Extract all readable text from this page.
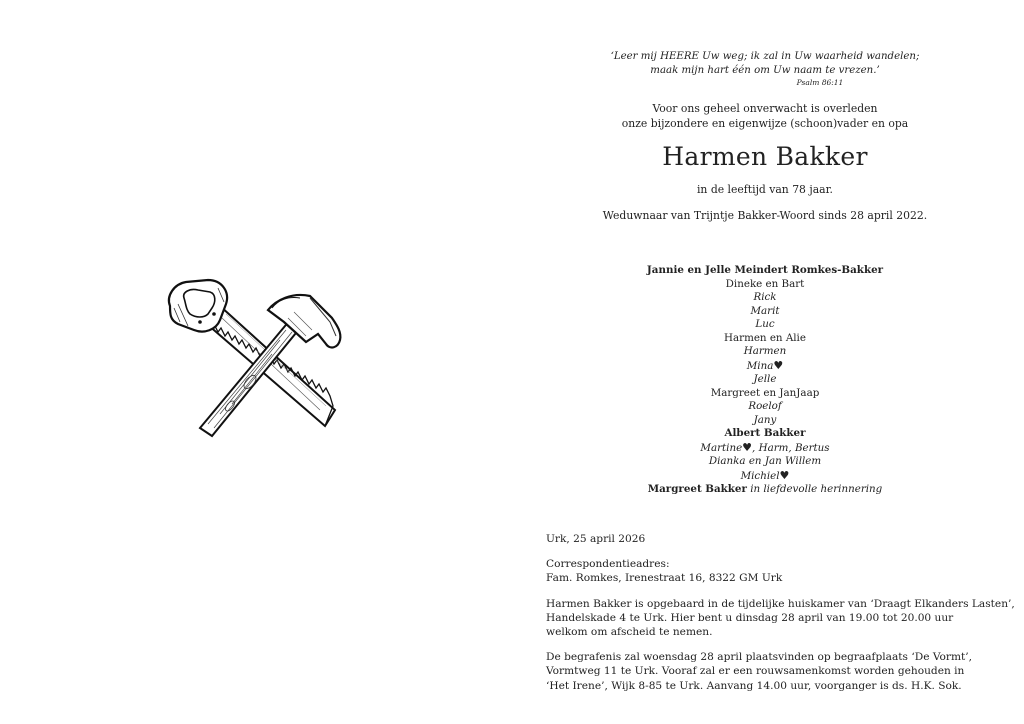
‘Leer mij HEERE Uw weg; ik zal in Uw waarheid wandelen;
maak mijn hart één om Uw naam te vrezen.’
Psalm 86:11
Voor ons geheel onverwacht is overleden
onze bijzondere en eigenwijze (schoon)vader en opa
Harmen Bakker
in de leeftijd van 78 jaar.
Weduwnaar van Trijntje Bakker-Woord sinds 28 april 2022.
Jannie en Jelle Meindert Romkes-Bakker
Dineke en Bart
Rick
Marit
Luc
Harmen en Alie
Harmen
Mina♥
Jelle
Margreet en JanJaap
Roelof
Jany
Albert Bakker
Martine♥, Harm, Bertus
Dianka en Jan Willem
Michiel♥
Margreet Bakker in liefdevolle herinnering

Urk, 25 april 2026

Correspondentieadres:
Fam. Romkes, Irenestraat 16, 8322 GM Urk

Harmen Bakker is opgebaard in de tijdelijke huiskamer van ‘Draagt Elkanders Lasten’,
Handelskade 4 te Urk. Hier bent u dinsdag 28 april van 19.00 tot 20.00 uur
welkom om afscheid te nemen.

De begrafenis zal woensdag 28 april plaatsvinden op begraafplaats ‘De Vormt’,
Vormtweg 11 te Urk. Vooraf zal er een rouwsamenkomst worden gehouden in
‘Het Irene’, Wijk 8-85 te Urk. Aanvang 14.00 uur, voorganger is ds. H.K. Sok.
